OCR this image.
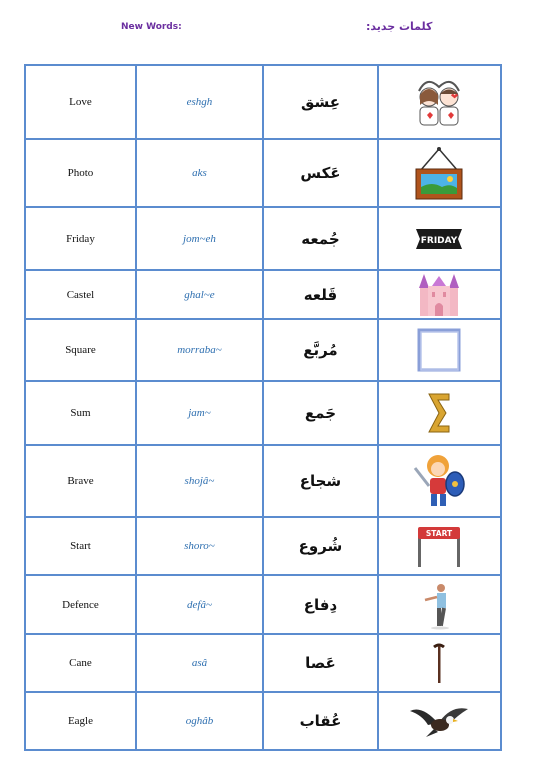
New Words:	کلمات جدید:
Love	eshgh	عِشق	
Photo	aks	عَکس	
Friday	jom~eh	جُمعه	FRIDAY

Castel	ghal~e	قَلعه	
Square	morraba~	مُربَّع	
Sum	jam~	جَمع	
Brave	shojâ~	شجاع	
Start	shoro~	شُروع	START

Defence	defâ~	دِفاع	
Cane	asâ	عَصا	
Eagle	oghâb	عُقاب	
